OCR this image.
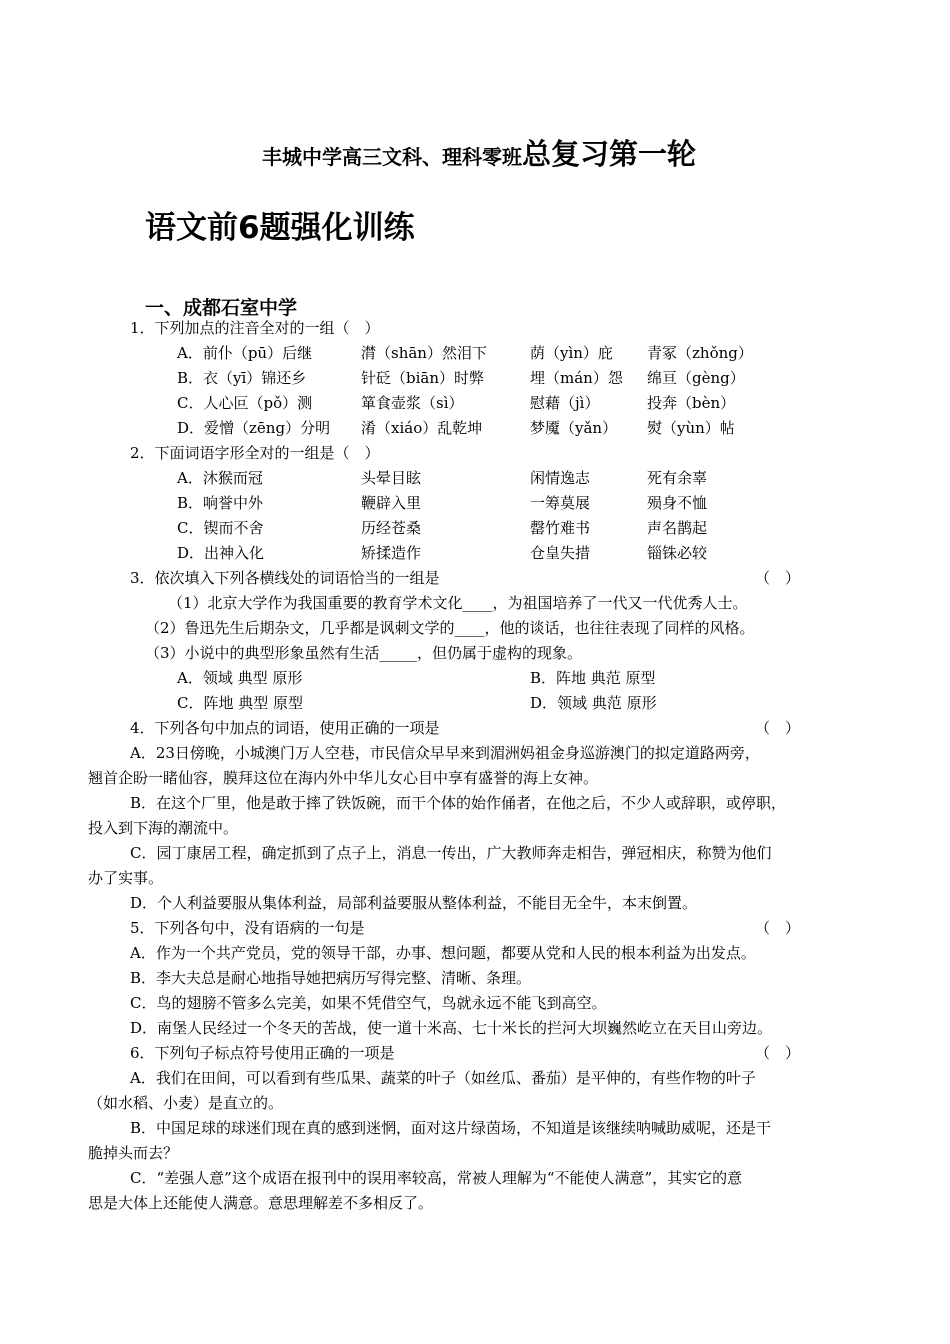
丰城中学高三文科、理科零班总复习第一轮
语文前6题强化训练
一、成都石室中学
1．下列加点的注音全对的一组（　）
A．前仆（pū）后继	潸（shān）然泪下	荫（yìn）庇 青冢（zhǒng）
B．衣（yī）锦还乡	针砭（biān）时弊	埋（mán）怨 绵亘（gèng）
C．人心叵（pǒ）测	箪食壶浆（sì）	慰藉（jì）	投奔（bèn）
D．爱憎（zēng）分明 淆（xiáo）乱乾坤	梦魇（yǎn） 熨（yùn）帖
2．下面词语字形全对的一组是（　）
A．沐猴而冠	头晕目眩	闲情逸志	死有余辜
B．响誉中外	鞭辟入里	一筹莫展	殒身不恤
C．锲而不舍	历经苍桑	罄竹难书	声名鹊起
D．出神入化	矫揉造作	仓皇失措	锱铢必较
3．依次填入下列各横线处的词语恰当的一组是	（　）
（1）北京大学作为我国重要的教育学术文化____，为祖国培养了一代又一代优秀人士。
（2）鲁迅先生后期杂文，几乎都是讽刺文学的____，他的谈话，也往往表现了同样的风格。
（3）小说中的典型形象虽然有生活_____，但仍属于虚构的现象。
A．领域 典型 原形	B．阵地 典范 原型
C．阵地 典型 原型	D．领域 典范 原形
4．下列各句中加点的词语，使用正确的一项是	（　）
A．23日傍晚，小城澳门万人空巷，市民信众早早来到湄洲妈祖金身巡游澳门的拟定道路两旁，
翘首企盼一睹仙容，膜拜这位在海内外中华儿女心目中享有盛誉的海上女神。
B．在这个厂里，他是敢于摔了铁饭碗，而干个体的始作俑者，在他之后，不少人或辞职，或停职，
投入到下海的潮流中。
C．园丁康居工程，确定抓到了点子上，消息一传出，广大教师奔走相告，弹冠相庆，称赞为他们
办了实事。
D．个人利益要服从集体利益，局部利益要服从整体利益，不能目无全牛，本末倒置。
5．下列各句中，没有语病的一句是	（　）
A．作为一个共产党员，党的领导干部，办事、想问题，都要从党和人民的根本利益为出发点。
B．李大夫总是耐心地指导她把病历写得完整、清晰、条理。
C．鸟的翅膀不管多么完美，如果不凭借空气，鸟就永远不能飞到高空。
D．南堡人民经过一个冬天的苦战，使一道十米高、七十米长的拦河大坝巍然屹立在天目山旁边。
6．下列句子标点符号使用正确的一项是	（　）
A．我们在田间，可以看到有些瓜果、蔬菜的叶子（如丝瓜、番茄）是平伸的，有些作物的叶子
（如水稻、小麦）是直立的。
B．中国足球的球迷们现在真的感到迷惘，面对这片绿茵场，不知道是该继续呐喊助威呢，还是干
脆掉头而去？
C．“差强人意”这个成语在报刊中的误用率较高，常被人理解为“不能使人满意”，其实它的意
思是大体上还能使人满意。意思理解差不多相反了。
